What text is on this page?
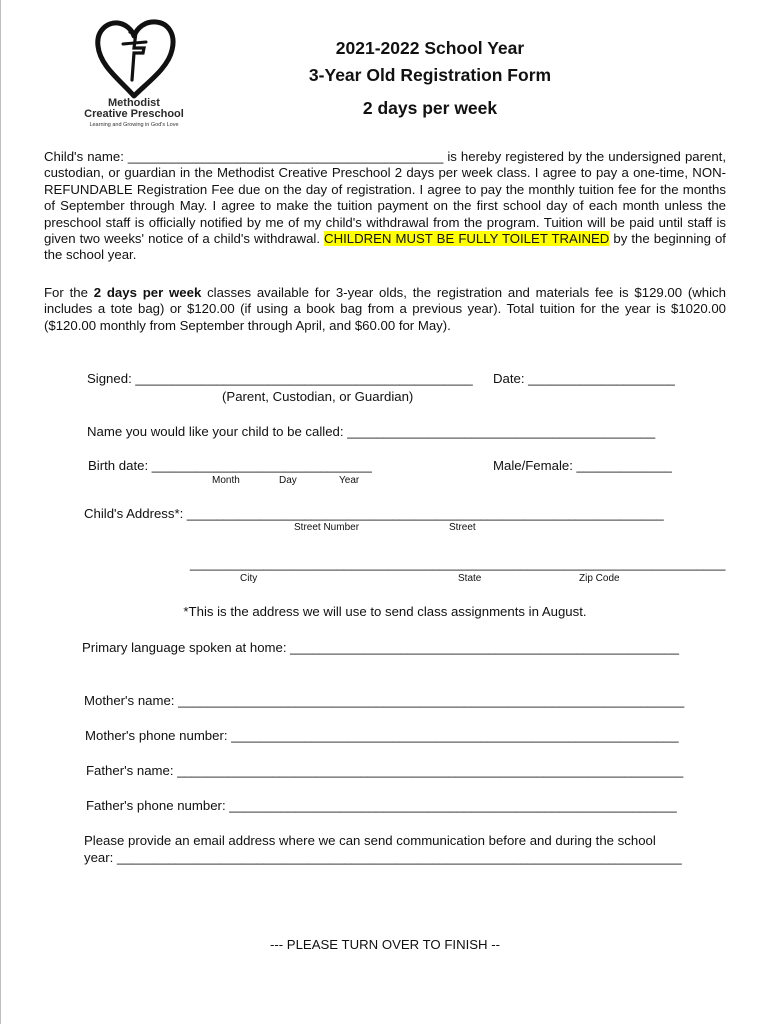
Methodist
Creative Preschool
Learning and Growing in God's Love
2021-2022 School Year
3-Year Old Registration Form
2 days per week
Child's name: ___________________________________________ is hereby registered by the undersigned parent, custodian, or guardian in the Methodist Creative Preschool 2 days per week class. I agree to pay a one-time, NON-REFUNDABLE Registration Fee due on the day of registration. I agree to pay the monthly tuition fee for the months of September through May. I agree to make the tuition payment on the first school day of each month unless the preschool staff is officially notified by me of my child's withdrawal from the program. Tuition will be paid until staff is given two weeks' notice of a child's withdrawal. CHILDREN MUST BE FULLY TOILET TRAINED by the beginning of the school year.
For the 2 days per week classes available for 3-year olds, the registration and materials fee is $129.00 (which includes a tote bag) or $120.00 (if using a book bag from a previous year). Total tuition for the year is $1020.00 ($120.00 monthly from September through April, and $60.00 for May).
Signed: ______________________________________________ Date: ____________________
(Parent, Custodian, or Guardian)
Name you would like your child to be called: __________________________________________
Birth date: ______________________________
Month	Day	Year
Male/Female: _____________
Child's Address*: _________________________________________________________________
Street Number	Street
_________________________________________________________________________
City	State	Zip Code
*This is the address we will use to send class assignments in August.
Primary language spoken at home: _____________________________________________________
Mother's name: _____________________________________________________________________
Mother's phone number: _____________________________________________________________
Father's name: _____________________________________________________________________
Father's phone number: _____________________________________________________________
Please provide an email address where we can send communication before and during the school
year: _____________________________________________________________________________
--- PLEASE TURN OVER TO FINISH --
